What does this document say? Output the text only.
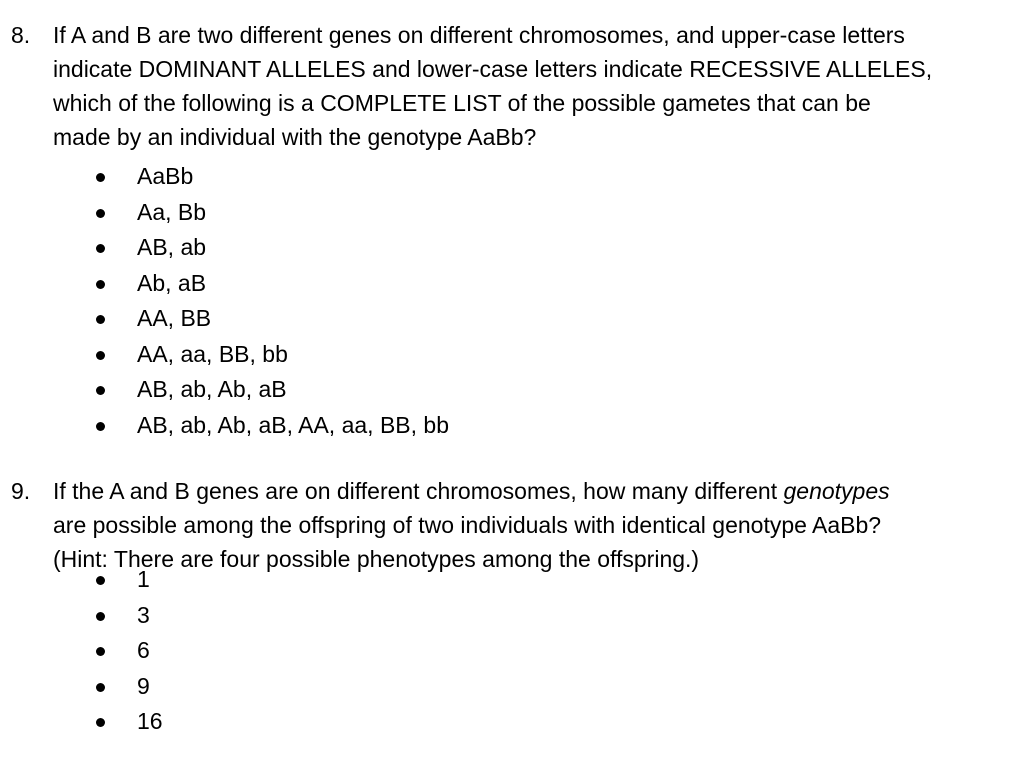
8. If A and B are two different genes on different chromosomes, and upper-case letters
indicate DOMINANT ALLELES and lower-case letters indicate RECESSIVE ALLELES,
which of the following is a COMPLETE LIST of the possible gametes that can be
made by an individual with the genotype AaBb?
AaBb
Aa, Bb
AB, ab
Ab, aB
AA, BB
AA, aa, BB, bb
AB, ab, Ab, aB
AB, ab, Ab, aB, AA, aa, BB, bb
9. If the A and B genes are on different chromosomes, how many different genotypes
are possible among the offspring of two individuals with identical genotype AaBb?
(Hint: There are four possible phenotypes among the offspring.)
1
3
6
9
16
